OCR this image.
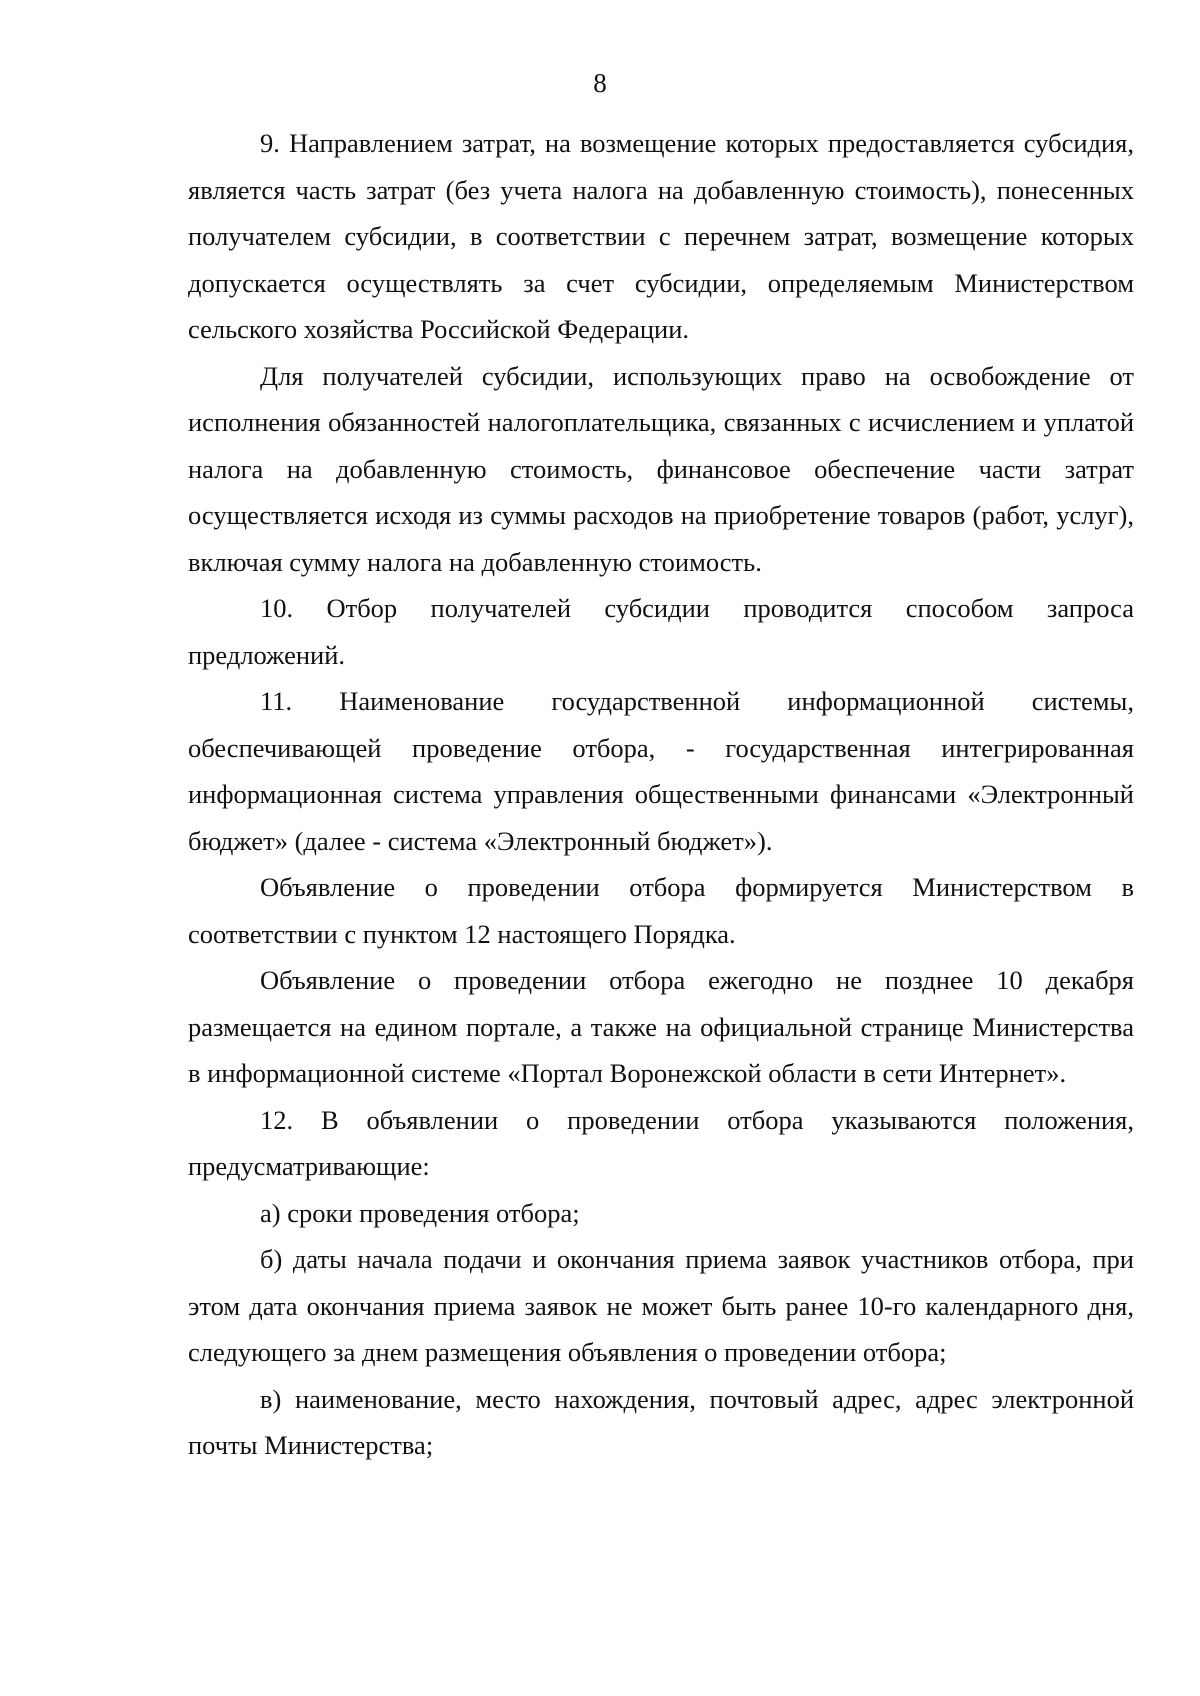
8

9. Направлением затрат, на возмещение которых предоставляется субсидия, является часть затрат (без учета налога на добавленную стоимость), понесенных получателем субсидии, в соответствии с перечнем затрат, возмещение которых допускается осуществлять за счет субсидии, определяемым Министерством сельского хозяйства Российской Федерации.

Для получателей субсидии, использующих право на освобождение от исполнения обязанностей налогоплательщика, связанных с исчислением и уплатой налога на добавленную стоимость, финансовое обеспечение части затрат осуществляется исходя из суммы расходов на приобретение товаров (работ, услуг), включая сумму налога на добавленную стоимость.

10. Отбор получателей субсидии проводится способом запроса предложений.

11. Наименование государственной информационной системы, обеспечивающей проведение отбора, - государственная интегрированная информационная система управления общественными финансами «Электронный бюджет» (далее - система «Электронный бюджет»).

Объявление о проведении отбора формируется Министерством в соответствии с пунктом 12 настоящего Порядка.

Объявление о проведении отбора ежегодно не позднее 10 декабря размещается на едином портале, а также на официальной странице Министерства в информационной системе «Портал Воронежской области в сети Интернет».

12. В объявлении о проведении отбора указываются положения, предусматривающие:

а) сроки проведения отбора;

б) даты начала подачи и окончания приема заявок участников отбора, при этом дата окончания приема заявок не может быть ранее 10-го календарного дня, следующего за днем размещения объявления о проведении отбора;

в) наименование, место нахождения, почтовый адрес, адрес электронной почты Министерства;
